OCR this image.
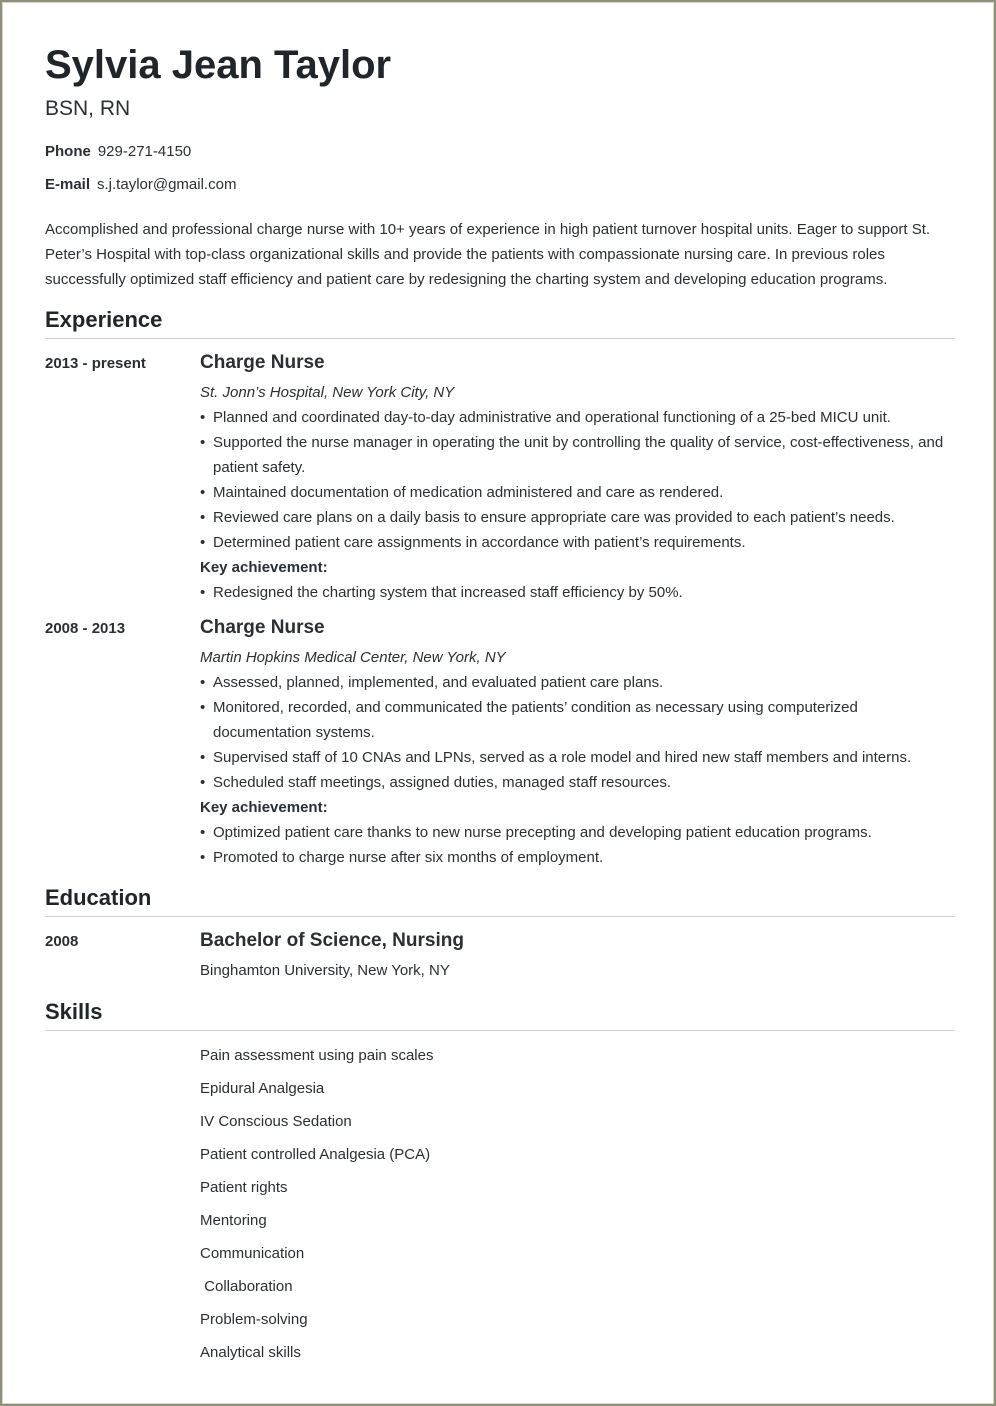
Sylvia Jean Taylor
BSN, RN
Phone 929-271-4150
E-mail s.j.taylor@gmail.com

Accomplished and professional charge nurse with 10+ years of experience in high patient turnover hospital units. Eager to support St. Peter’s Hospital with top-class organizational skills and provide the patients with compassionate nursing care. In previous roles successfully optimized staff efficiency and patient care by redesigning the charting system and developing education programs.

Experience
2013 - present	Charge Nurse
St. Jonn’s Hospital, New York City, NY
• Planned and coordinated day-to-day administrative and operational functioning of a 25-bed MICU unit.
• Supported the nurse manager in operating the unit by controlling the quality of service, cost-effectiveness, and patient safety.
• Maintained documentation of medication administered and care as rendered.
• Reviewed care plans on a daily basis to ensure appropriate care was provided to each patient’s needs.
• Determined patient care assignments in accordance with patient’s requirements.
Key achievement:
• Redesigned the charting system that increased staff efficiency by 50%.
2008 - 2013	Charge Nurse
Martin Hopkins Medical Center, New York, NY
• Assessed, planned, implemented, and evaluated patient care plans.
• Monitored, recorded, and communicated the patients’ condition as necessary using computerized documentation systems.
• Supervised staff of 10 CNAs and LPNs, served as a role model and hired new staff members and interns.
• Scheduled staff meetings, assigned duties, managed staff resources.
Key achievement:
• Optimized patient care thanks to new nurse precepting and developing patient education programs.
• Promoted to charge nurse after six months of employment.
Education
2008	Bachelor of Science, Nursing
Binghamton University, New York, NY
Skills
Pain assessment using pain scales
Epidural Analgesia
IV Conscious Sedation
Patient controlled Analgesia (PCA)
Patient rights
Mentoring
Communication
Collaboration
Problem-solving
Analytical skills
